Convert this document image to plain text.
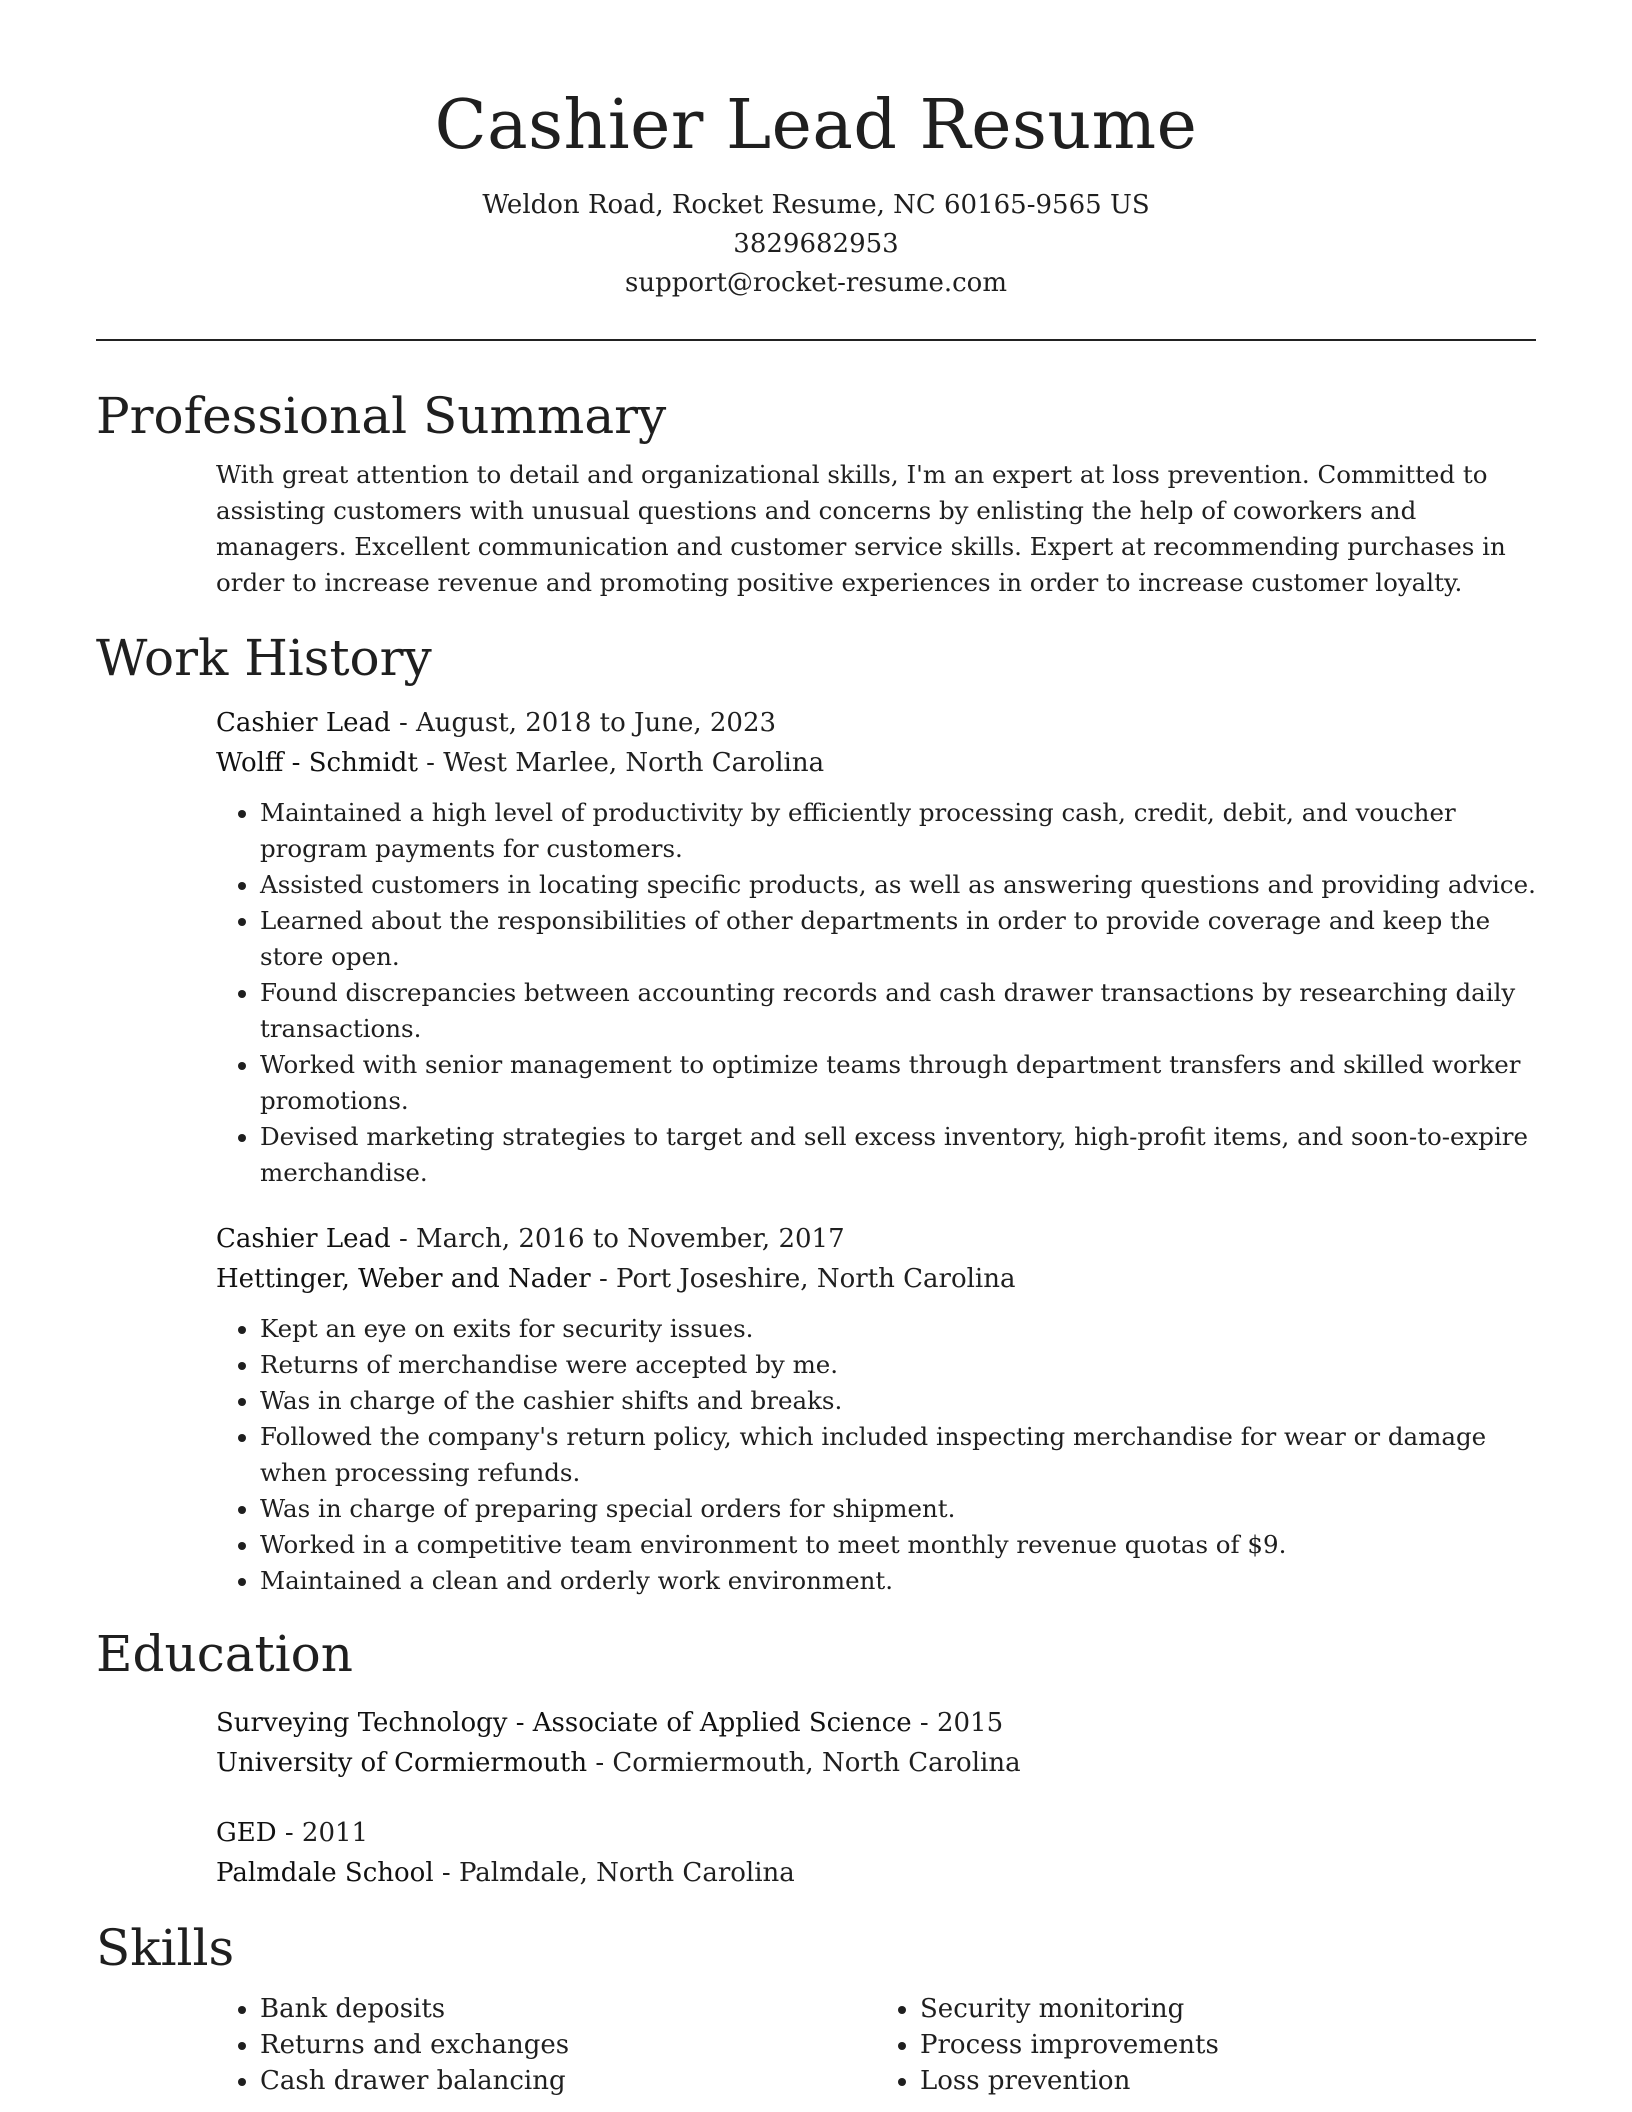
Cashier Lead Resume
Weldon Road, Rocket Resume, NC 60165-9565 US
3829682953
support@rocket-resume.com
Professional Summary

With great attention to detail and organizational skills, I'm an expert at loss prevention. Committed to assisting customers with unusual questions and concerns by enlisting the help of coworkers and managers. Excellent communication and customer service skills. Expert at recommending purchases in order to increase revenue and promoting positive experiences in order to increase customer loyalty.

Work History
Cashier Lead - August, 2018 to June, 2023
Wolff - Schmidt - West Marlee, North Carolina
• Maintained a high level of productivity by efficiently processing cash, credit, debit, and voucher program payments for customers.
• Assisted customers in locating specific products, as well as answering questions and providing advice.
• Learned about the responsibilities of other departments in order to provide coverage and keep the store open.
• Found discrepancies between accounting records and cash drawer transactions by researching daily transactions.
• Worked with senior management to optimize teams through department transfers and skilled worker promotions.
• Devised marketing strategies to target and sell excess inventory, high-profit items, and soon-to-expire merchandise.
Cashier Lead - March, 2016 to November, 2017
Hettinger, Weber and Nader - Port Joseshire, North Carolina
• Kept an eye on exits for security issues.
• Returns of merchandise were accepted by me.
• Was in charge of the cashier shifts and breaks.
• Followed the company's return policy, which included inspecting merchandise for wear or damage when processing refunds.
• Was in charge of preparing special orders for shipment.
• Worked in a competitive team environment to meet monthly revenue quotas of $9.
• Maintained a clean and orderly work environment.
Education
Surveying Technology - Associate of Applied Science - 2015
University of Cormiermouth - Cormiermouth, North Carolina
GED - 2011
Palmdale School - Palmdale, North Carolina
Skills
• Bank deposits
• Returns and exchanges
• Cash drawer balancing
• Security monitoring
• Process improvements
• Loss prevention
